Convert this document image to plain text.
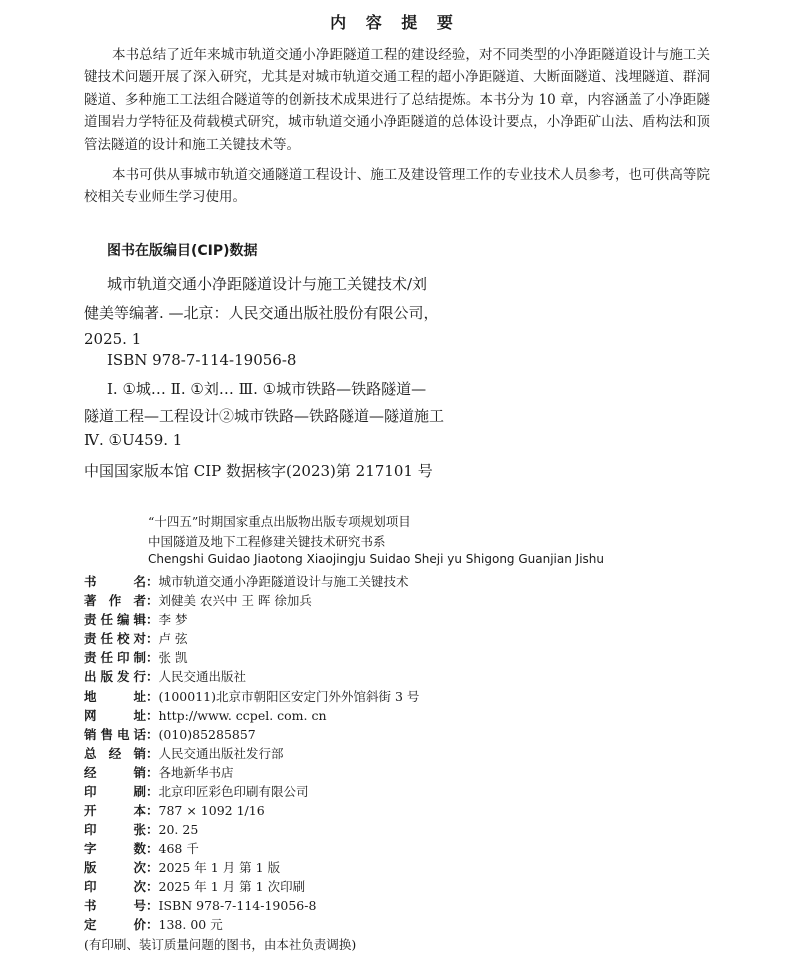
内 容 提 要

本书总结了近年来城市轨道交通小净距隧道工程的建设经验，对不同类型的小净距隧道设计与施工关键技术问题开展了深入研究，尤其是对城市轨道交通工程的超小净距隧道、大断面隧道、浅埋隧道、群洞隧道、多种施工工法组合隧道等的创新技术成果进行了总结提炼。本书分为 10 章，内容涵盖了小净距隧道围岩力学特征及荷载模式研究，城市轨道交通小净距隧道的总体设计要点，小净距矿山法、盾构法和顶管法隧道的设计和施工关键技术等。

本书可供从事城市轨道交通隧道工程设计、施工及建设管理工作的专业技术人员参考，也可供高等院校相关专业师生学习使用。

图书在版编目(CIP)数据
城市轨道交通小净距隧道设计与施工关键技术/刘
健美等编著. —北京：人民交通出版社股份有限公司，
2025. 1
ISBN 978-7-114-19056-8
Ⅰ. ①城… Ⅱ. ①刘… Ⅲ. ①城市铁路—铁路隧道—
隧道工程—工程设计②城市铁路—铁路隧道—隧道施工
Ⅳ. ①U459. 1
中国国家版本馆 CIP 数据核字(2023)第 217101 号
“十四五”时期国家重点出版物出版专项规划项目
中国隧道及地下工程修建关键技术研究书系
Chengshi Guidao Jiaotong Xiaojingju Suidao Sheji yu Shigong Guanjian Jishu
书名：城市轨道交通小净距隧道设计与施工关键技术
著作者：刘健美 农兴中 王 晖 徐加兵
责任编辑：李 梦
责任校对：卢 弦
责任印制：张 凯
出版发行：人民交通出版社
地址：(100011)北京市朝阳区安定门外外馆斜街 3 号
网址：http://www. ccpel. com. cn
销售电话：(010)85285857
总经销：人民交通出版社发行部
经销：各地新华书店
印刷：北京印匠彩色印刷有限公司
开本：787 × 1092 1/16
印张：20. 25
字数：468 千
版次：2025 年 1 月 第 1 版
印次：2025 年 1 月 第 1 次印刷
书号：ISBN 978-7-114-19056-8
定价：138. 00 元
(有印刷、装订质量问题的图书，由本社负责调换)
